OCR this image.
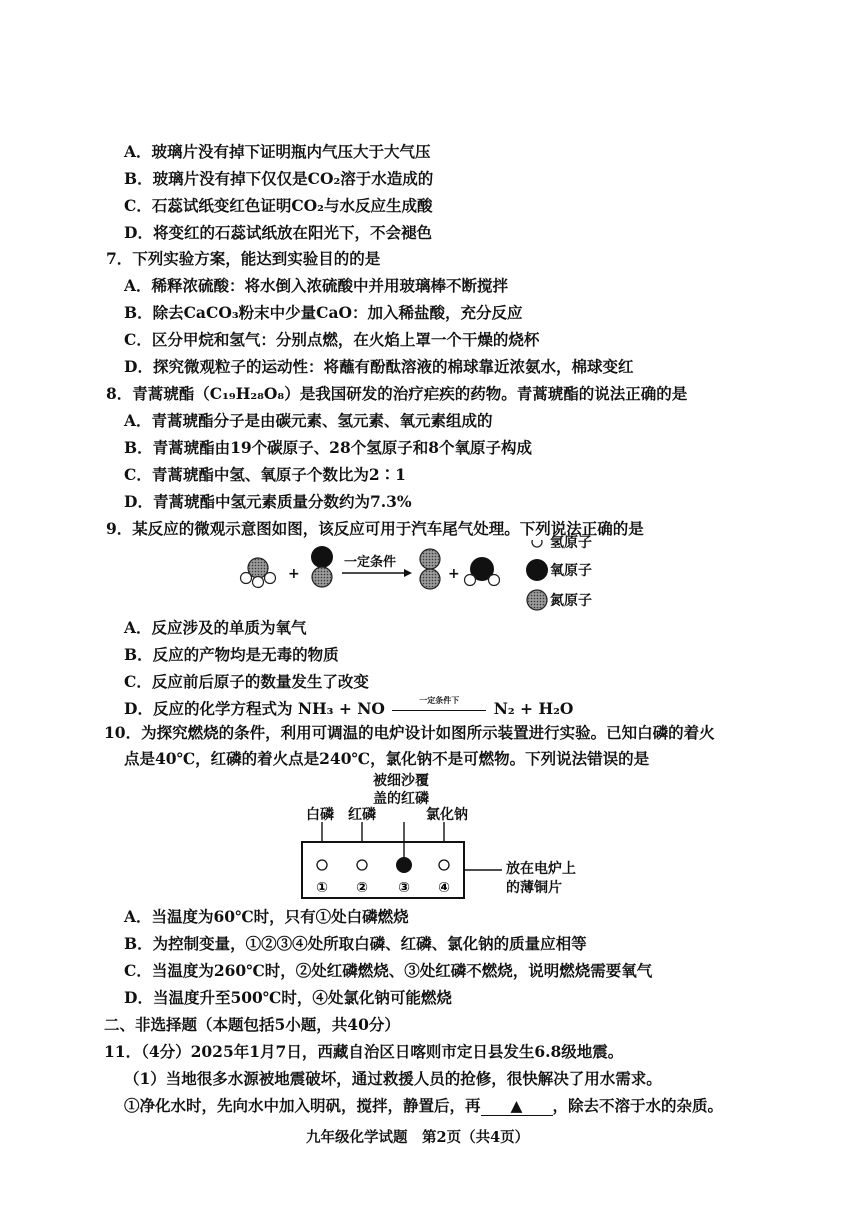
A．玻璃片没有掉下证明瓶内气压大于大气压
B．玻璃片没有掉下仅仅是CO₂溶于水造成的
C．石蕊试纸变红色证明CO₂与水反应生成酸
D．将变红的石蕊试纸放在阳光下，不会褪色
7．下列实验方案，能达到实验目的的是
A．稀释浓硫酸：将水倒入浓硫酸中并用玻璃棒不断搅拌
B．除去CaCO₃粉末中少量CaO：加入稀盐酸，充分反应
C．区分甲烷和氢气：分别点燃，在火焰上罩一个干燥的烧杯
D．探究微观粒子的运动性：将蘸有酚酞溶液的棉球靠近浓氨水，棉球变红
8．青蒿琥酯（C₁₉H₂₈O₈）是我国研发的治疗疟疾的药物。青蒿琥酯的说法正确的是
A．青蒿琥酯分子是由碳元素、氢元素、氧元素组成的
B．青蒿琥酯由19个碳原子、28个氢原子和8个氧原子构成
C．青蒿琥酯中氢、氧原子个数比为2∶1
D．青蒿琥酯中氢元素质量分数约为7.3%
9．某反应的微观示意图如图，该反应可用于汽车尾气处理。下列说法正确的是
+
一定条件
+
氢原子
氧原子
氮原子
A．反应涉及的单质为氧气
B．反应的产物均是无毒的物质
C．反应前后原子的数量发生了改变
D．反应的化学方程式为 NH₃ + NO	一定条件下	N₂ + H₂O
10．为探究燃烧的条件，利用可调温的电炉设计如图所示装置进行实验。已知白磷的着火
点是40℃，红磷的着火点是240℃，氯化钠不是可燃物。下列说法错误的是
被细沙覆
盖的红磷
白磷 红磷	氯化钠
① ② ③ ④
放在电炉上
的薄铜片
A．当温度为60℃时，只有①处白磷燃烧
B．为控制变量，①②③④处所取白磷、红磷、氯化钠的质量应相等
C．当温度为260℃时，②处红磷燃烧、③处红磷不燃烧，说明燃烧需要氧气
D．当温度升至500℃时，④处氯化钠可能燃烧
二、非选择题（本题包括5小题，共40分）
11．（4分）2025年1月7日，西藏自治区日喀则市定日县发生6.8级地震。
（1）当地很多水源被地震破坏，通过救援人员的抢修，很快解决了用水需求。
①净化水时，先向水中加入明矾，搅拌，静置后，再 ▲ ，除去不溶于水的杂质。
九年级化学试题　第2页（共4页）
